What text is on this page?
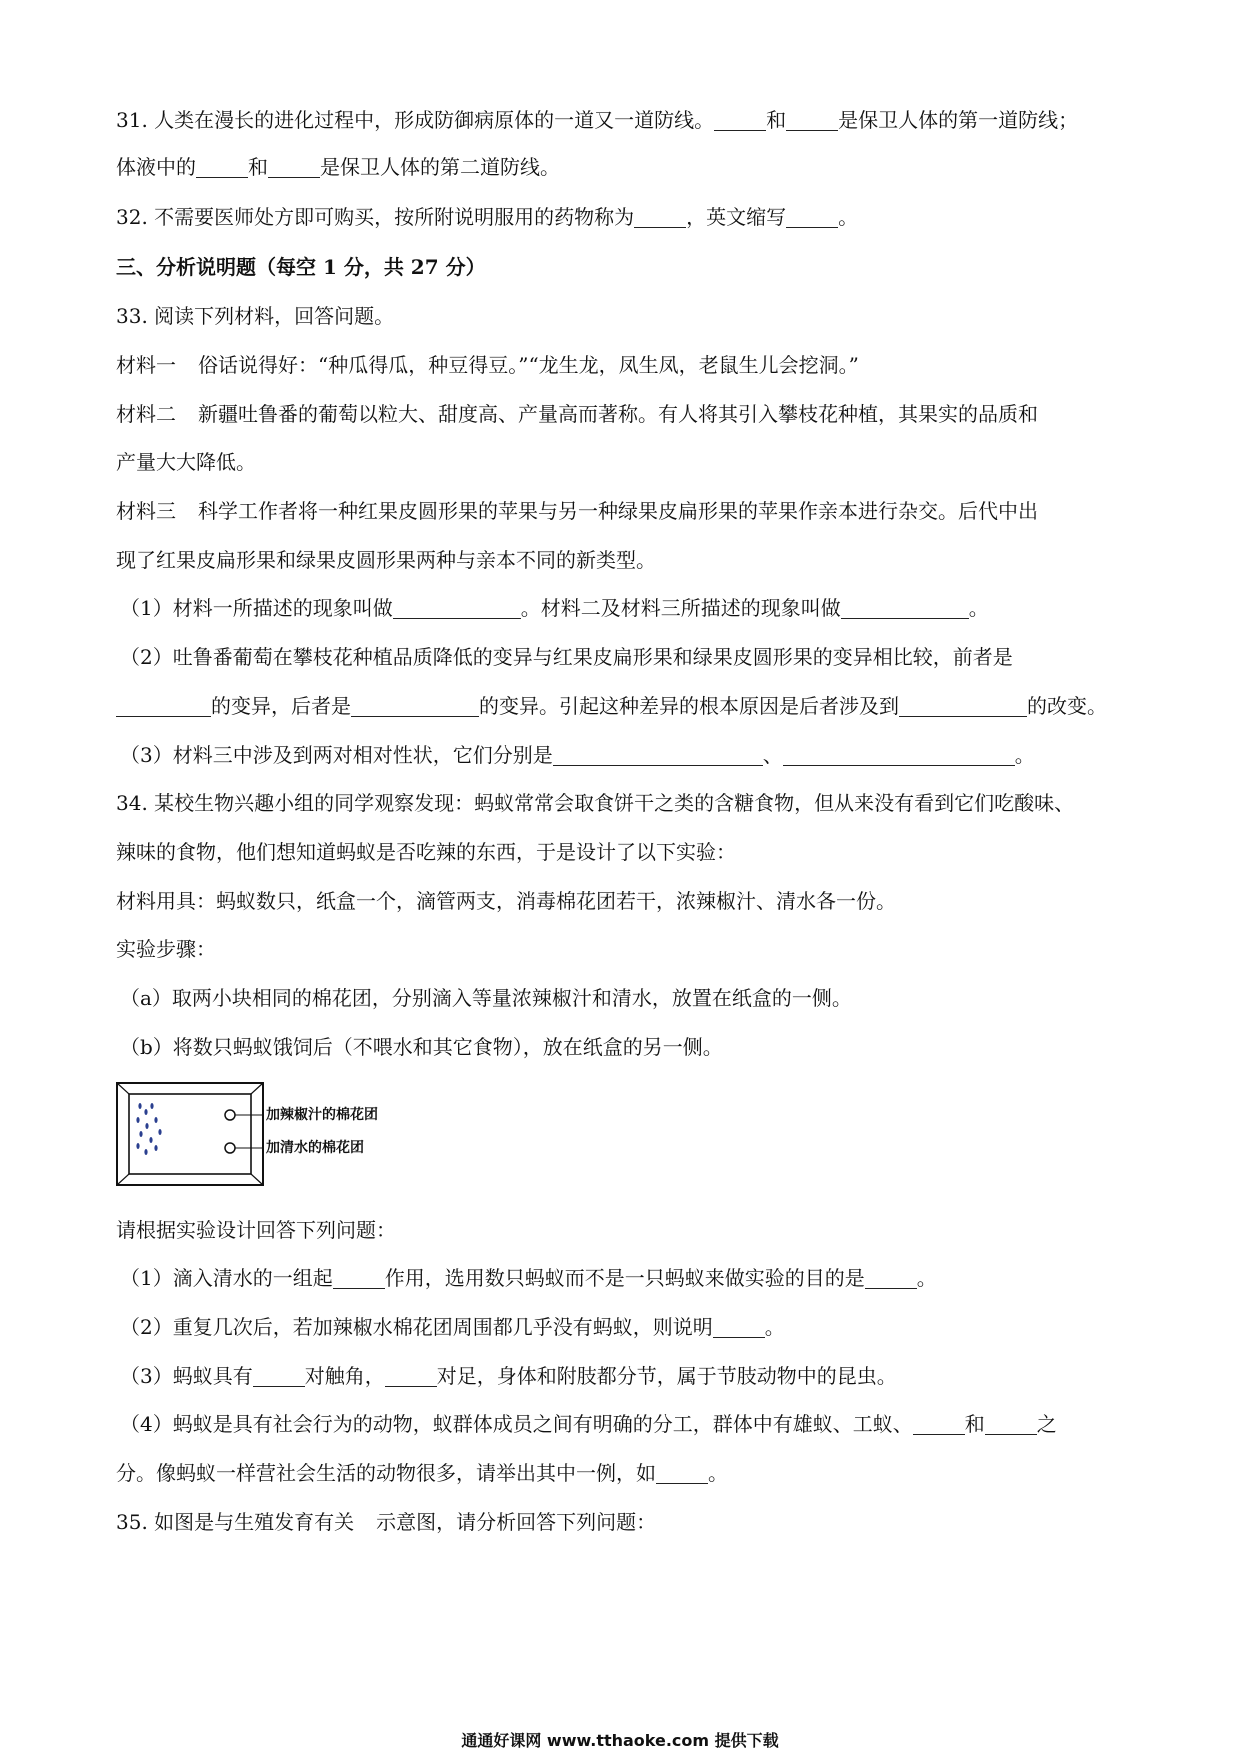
31. 人类在漫长的进化过程中，形成防御病原体的一道又一道防线。	和	是保卫人体的第一道防线；
体液中的	和	是保卫人体的第二道防线。
32. 不需要医师处方即可购买，按所附说明服用的药物称为	，英文缩写	。
三、分析说明题（每空 1 分，共 27 分）
33. 阅读下列材料，回答问题。
材料一 俗话说得好：“种瓜得瓜，种豆得豆。”“龙生龙，凤生凤，老鼠生儿会挖洞。”
材料二 新疆吐鲁番的葡萄以粒大、甜度高、产量高而著称。有人将其引入攀枝花种植，其果实的品质和
产量大大降低。
材料三 科学工作者将一种红果皮圆形果的苹果与另一种绿果皮扁形果的苹果作亲本进行杂交。后代中出
现了红果皮扁形果和绿果皮圆形果两种与亲本不同的新类型。
（1）材料一所描述的现象叫做	。材料二及材料三所描述的现象叫做	。
（2）吐鲁番葡萄在攀枝花种植品质降低的变异与红果皮扁形果和绿果皮圆形果的变异相比较，前者是
的变异，后者是	的变异。引起这种差异的根本原因是后者涉及到	的改变。
（3）材料三中涉及到两对相对性状，它们分别是	、	。
34. 某校生物兴趣小组的同学观察发现：蚂蚁常常会取食饼干之类的含糖食物，但从来没有看到它们吃酸味、
辣味的食物，他们想知道蚂蚁是否吃辣的东西，于是设计了以下实验：
材料用具：蚂蚁数只，纸盒一个，滴管两支，消毒棉花团若干，浓辣椒汁、清水各一份。
实验步骤：
（a）取两小块相同的棉花团，分别滴入等量浓辣椒汁和清水，放置在纸盒的一侧。
（b）将数只蚂蚁饿饲后（不喂水和其它食物），放在纸盒的另一侧。
加辣椒汁的棉花团
加清水的棉花团
请根据实验设计回答下列问题：
（1）滴入清水的一组起	作用，选用数只蚂蚁而不是一只蚂蚁来做实验的目的是	。
（2）重复几次后，若加辣椒水棉花团周围都几乎没有蚂蚁，则说明	。
（3）蚂蚁具有	对触角，	对足，身体和附肢都分节，属于节肢动物中的昆虫。
（4）蚂蚁是具有社会行为的动物，蚁群体成员之间有明确的分工，群体中有雄蚁、工蚁、	和	之
分。像蚂蚁一样营社会生活的动物很多，请举出其中一例，如	。
35. 如图是与生殖发育有关 示意图，请分析回答下列问题：
通通好课网 www.tthaoke.com 提供下载
